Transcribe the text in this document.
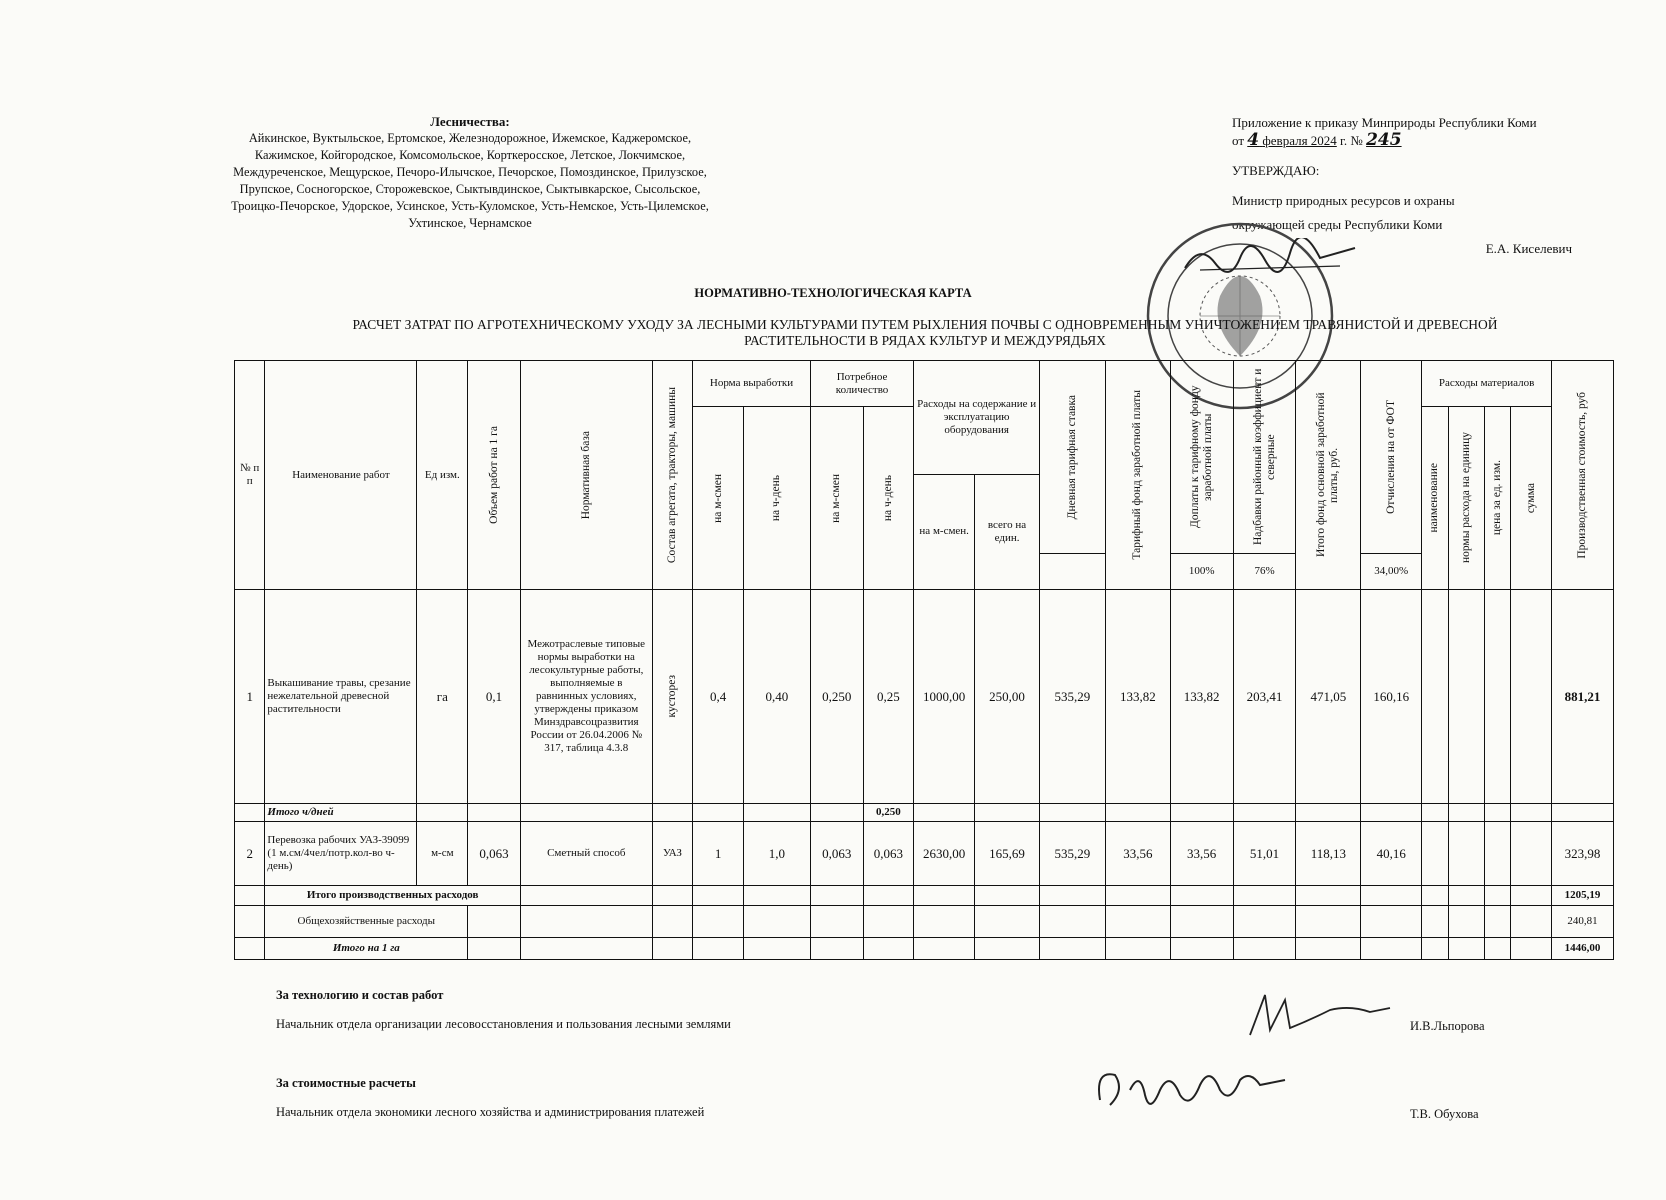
Лесничества:
Айкинское, Вуктыльское, Ертомское, Железнодорожное, Ижемское, Каджеромское, Кажимское, Койгородское, Комсомольское, Корткеросское, Летское, Локчимское, Междуреченское, Мещурское, Печоро-Илычское, Печорское, Помоздинское, Прилузское, Прупское, Сосногорское, Сторожевское, Сыктывдинское, Сыктывкарское, Сысольское, Троицко-Печорское, Удорское, Усинское, Усть-Куломское, Усть-Немское, Усть-Цилемское, Ухтинское, Чернамское
Приложение к приказу Минприроды Республики Коми
от 4 февраля 2024 г. № 245
УТВЕРЖДАЮ:
Министр природных ресурсов и охраны
окружающей среды Республики Коми
Е.А. Киселевич
НОРМАТИВНО-ТЕХНОЛОГИЧЕСКАЯ КАРТА
РАСЧЕТ ЗАТРАТ ПО АГРОТЕХНИЧЕСКОМУ УХОДУ ЗА ЛЕСНЫМИ КУЛЬТУРАМИ ПУТЕМ РЫХЛЕНИЯ ПОЧВЫ С ОДНОВРЕМЕННЫМ УНИЧТОЖЕНИЕМ ТРАВЯНИСТОЙ И ДРЕВЕСНОЙ РАСТИТЕЛЬНОСТИ В РЯДАХ КУЛЬТУР И МЕЖДУРЯДЬЯХ
№ п п	Наименование работ	Ед изм.	Объем работ на 1 га	Нормативная база	Состав агрегата, тракторы, машины	Норма выработки		Потребное количество		Расходы на содержание и эксплуатацию оборудования		Дневная тарифная ставка	Тарифный фонд заработной платы	Доплаты к тарифному фонду заработной платы	Надбавки районный коэффициент и северные	Итого фонд основной заработной платы, руб.	Отчисления на от ФОТ	Расходы материалов				Производственная стоимость, руб

						на м-смен	на ч-день	на м-смен	на ч-день									наименование	нормы расхода на единицу	цена за ед. изм.	сумма	

										на м-смен.	всего на един.											
														100%	76%		34,00%					
1	Выкашивание травы, срезание нежелательной древесной растительности	га	0,1	Межотраслевые типовые нормы выработки на лесокультурные работы, выполняемые в равнинных условиях, утверждены приказом Минздравсоцразвития России от 26.04.2006 № 317, таблица 4.3.8	кусторез	0,4	0,40	0,250	0,25	1000,00	250,00	535,29	133,82	133,82	203,41	471,05	160,16					881,21
	Итого ч/дней								0,250													
2	Перевозка рабочих УАЗ-39099 (1 м.см/4чел/потр.кол-во ч-день)	м-см	0,063	Сметный способ	УАЗ	1	1,0	0,063	0,063	2630,00	165,69	535,29	33,56	33,56	51,01	118,13	40,16					323,98
	Итого производственных расходов																					1205,19
	Общехозяйственные расходы																					240,81
	Итого на 1 га																					1446,00
За технологию и состав работ
Начальник отдела организации лесовосстановления и пользования лесными землями	И.В.Льпорова
За стоимостные расчеты
Начальник отдела экономики лесного хозяйства и администрирования платежей	Т.В. Обухова
